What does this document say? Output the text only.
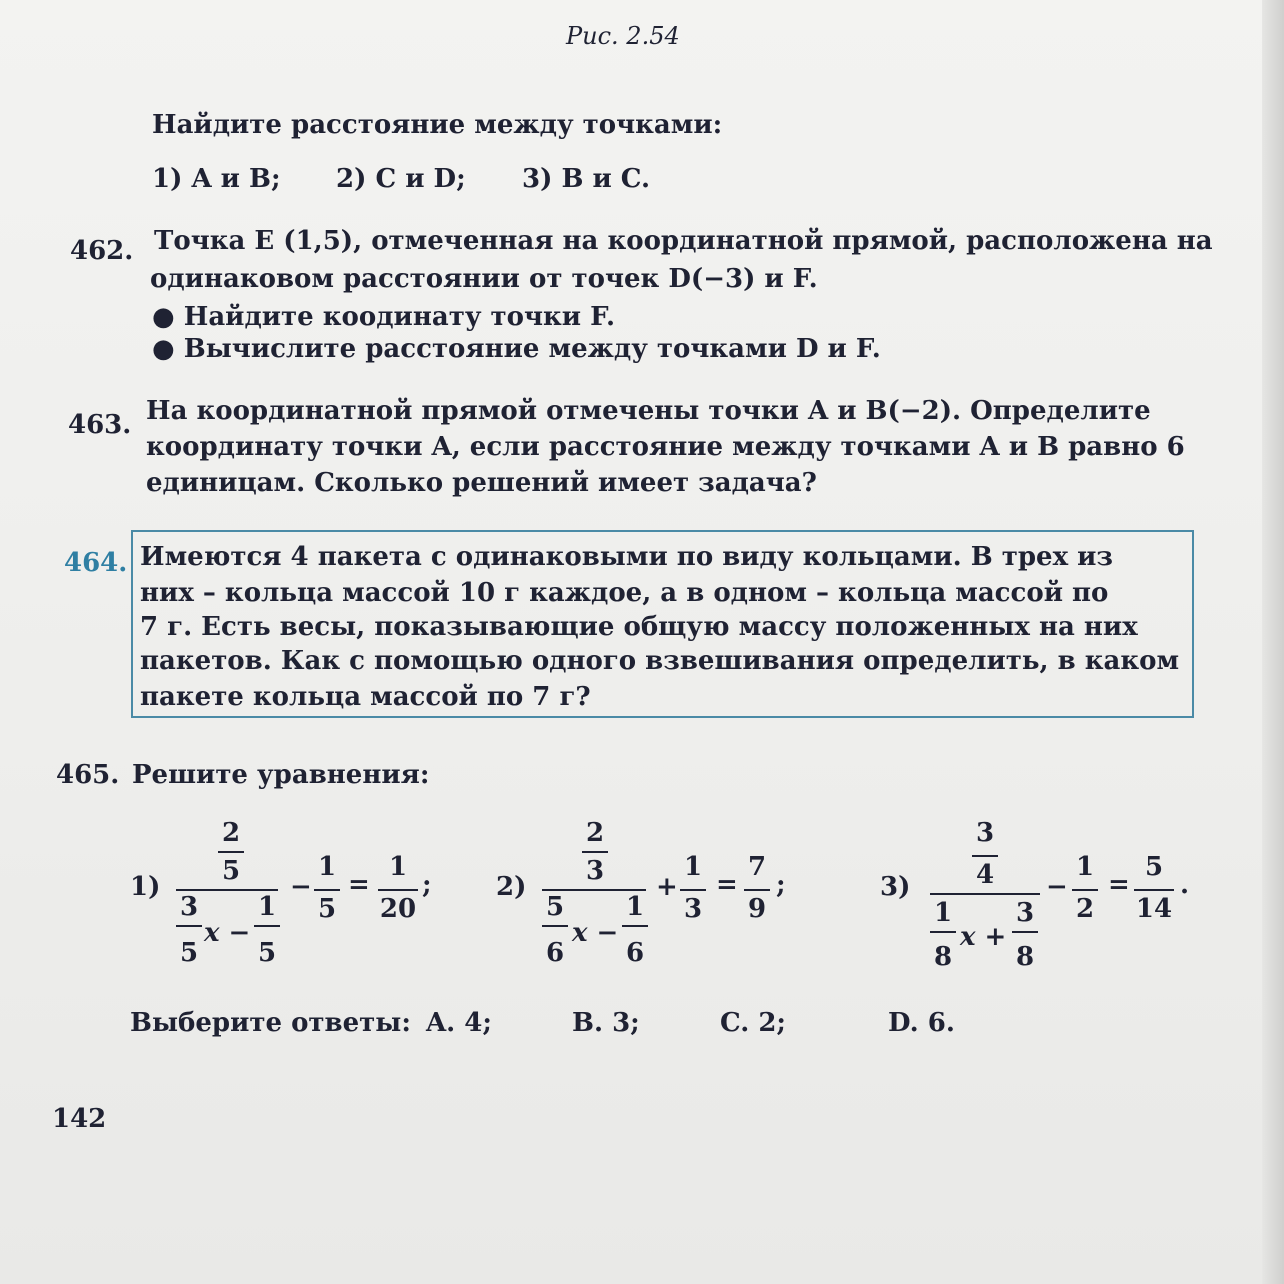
Рис. 2.54
Найдите расстояние между точками:
1) A и B; 2) C и D; 3) B и C.
462. Точка E (1,5), отмеченная на координатной прямой, расположена на
одинаковом расстоянии от точек D(−3) и F.
● Найдите коодинату точки F.
● Вычислите расстояние между точками D и F.
463. На координатной прямой отмечены точки A и B(−2). Определите
координату точки A, если расстояние между точками A и B равно 6
единицам. Сколько решений имеет задача?
464. Имеются 4 пакета с одинаковыми по виду кольцами. В трех из
них – кольца массой 10 г каждое, а в одном – кольца массой по
7 г. Есть весы, показывающие общую массу положенных на них
пакетов. Как с помощью одного взвешивания определить, в каком
пакете кольца массой по 7 г?
465. Решите уравнения:
1)
2
5
3
5
x −
1
5
−
1
5
=
1
20
; 2)
2
3
5
6
x −
1
6
+
1
3
=
7
9
;	3)
3
4
1
8
x +
3
8
−
1
2
=
5
14
.
Выберите ответы: A. 4;	B. 3;	C. 2;	D. 6.
142
